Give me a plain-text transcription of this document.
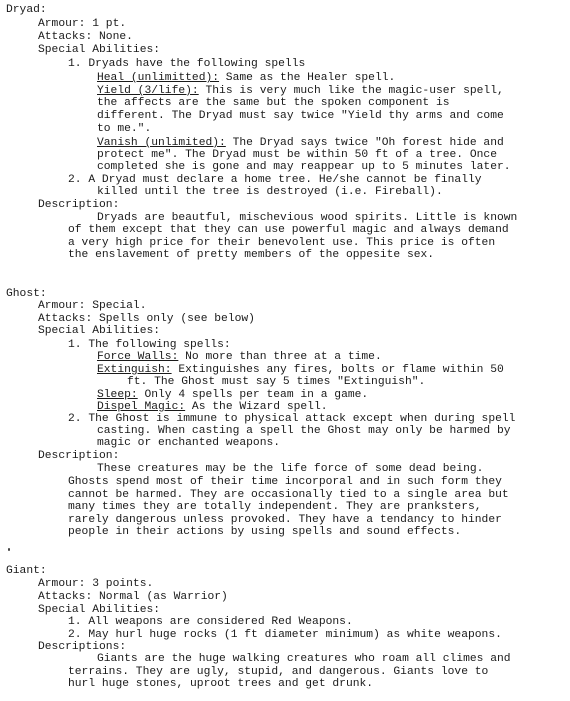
Dryad:
Armour: 1 pt.
Attacks: None.
Special Abilities:
1. Dryads have the following spells
Heal (unlimitted): Same as the Healer spell.
Yield (3/life): This is very much like the magic-user spell,
the affects are the same but the spoken component is
different. The Dryad must say twice "Yield thy arms and come
to me.".
Vanish (unlimited): The Dryad says twice "Oh forest hide and
protect me". The Dryad must be within 50 ft of a tree. Once
completed she is gone and may reappear up to 5 minutes later.
2. A Dryad must declare a home tree. He/she cannot be finally
killed until the tree is destroyed (i.e. Fireball).
Description:
Dryads are beautful, mischevious wood spirits. Little is known
of them except that they can use powerful magic and always demand
a very high price for their benevolent use. This price is often
the enslavement of pretty members of the oppesite sex.
Ghost:
Armour: Special.
Attacks: Spells only (see below)
Special Abilities:
1. The following spells:
Force Walls: No more than three at a time.
Extinguish: Extinguishes any fires, bolts or flame within 50
ft. The Ghost must say 5 times "Extinguish".
Sleep: Only 4 spells per team in a game.
Dispel Magic: As the Wizard spell.
2. The Ghost is immune to physical attack except when during spell
casting. When casting a spell the Ghost may only be harmed by
magic or enchanted weapons.
Description:
These creatures may be the life force of some dead being.
Ghosts spend most of their time incorporal and in such form they
cannot be harmed. They are occasionally tied to a single area but
many times they are totally independent. They are pranksters,
rarely dangerous unless provoked. They have a tendancy to hinder
people in their actions by using spells and sound effects.
Giant:
Armour: 3 points.
Attacks: Normal (as Warrior)
Special Abilities:
1. All weapons are considered Red Weapons.
2. May hurl huge rocks (1 ft diameter minimum) as white weapons.
Descriptions:
Giants are the huge walking creatures who roam all climes and
terrains. They are ugly, stupid, and dangerous. Giants love to
hurl huge stones, uproot trees and get drunk.
